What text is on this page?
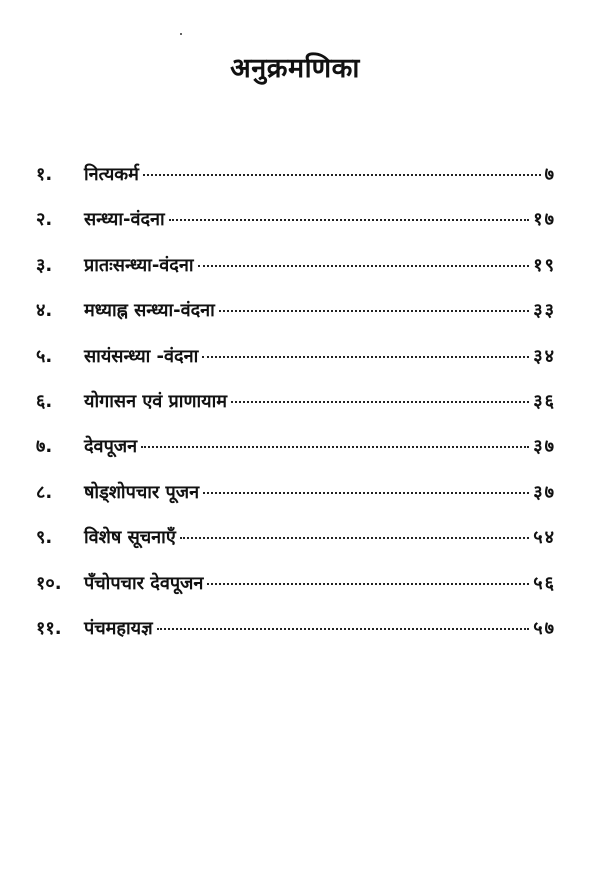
अनुक्रमणिका
१.	नित्यकर्म	७
२.	सन्ध्या-वंदना	१७
३.	प्रातःसन्ध्या-वंदना	१९
४.	मध्याह्न सन्ध्या-वंदना	३३
५.	सायंसन्ध्या -वंदना	३४
६.	योगासन एवं प्राणायाम	३६
७.	देवपूजन	३७
८.	षोड्शोपचार पूजन	३७
९.	विशेष सूचनाएँ	५४
१०.	पँचोपचार देवपूजन	५६
११.	पंचमहायज्ञ	५७
